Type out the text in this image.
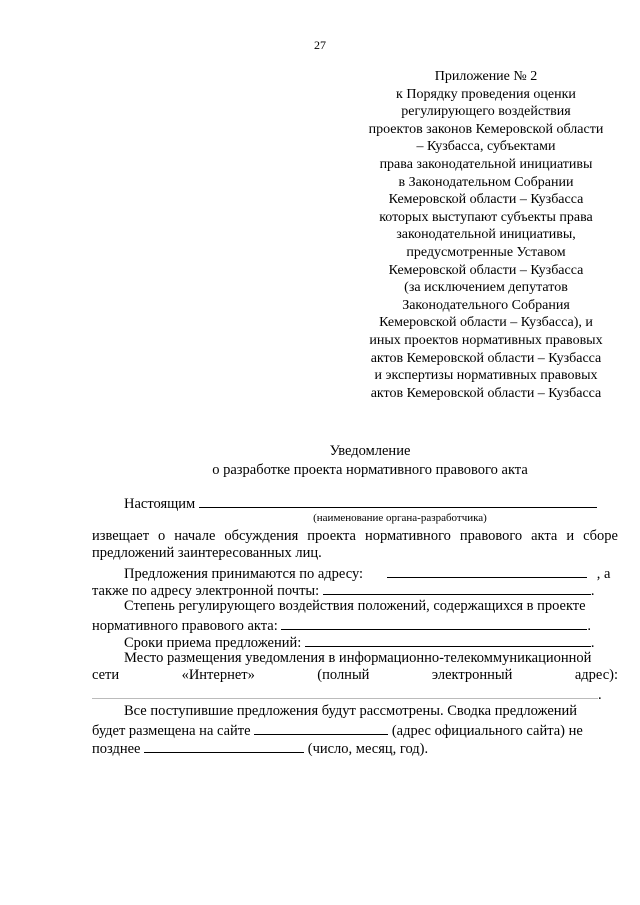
27
Приложение № 2
к Порядку проведения оценки
регулирующего воздействия
проектов законов Кемеровской области
– Кузбасса, субъектами
права законодательной инициативы
в Законодательном Собрании
Кемеровской области – Кузбасса
которых выступают субъекты права
законодательной инициативы,
предусмотренные Уставом
Кемеровской области – Кузбасса
(за исключением депутатов
Законодательного Собрания
Кемеровской области – Кузбасса), и
иных проектов нормативных правовых
актов Кемеровской области – Кузбасса
и экспертизы нормативных правовых
актов Кемеровской области – Кузбасса
Уведомление
о разработке проекта нормативного правового акта
Настоящим
(наименование органа-разработчика)
извещает о начале обсуждения проекта нормативного правового акта и сборе
предложений заинтересованных лиц.
Предложения принимаются по адресу:	, а
также по адресу электронной почты:	.
Степень регулирующего воздействия положений, содержащихся в проекте
нормативного правового акта:	.
Сроки приема предложений:	.
Место размещения уведомления в информационно-телекоммуникационной
сети	«Интернет»	(полный	электронный	адрес):
.
Все поступившие предложения будут рассмотрены. Сводка предложений
будет размещена на сайте	(адрес официального сайта) не
позднее	(число, месяц, год).
